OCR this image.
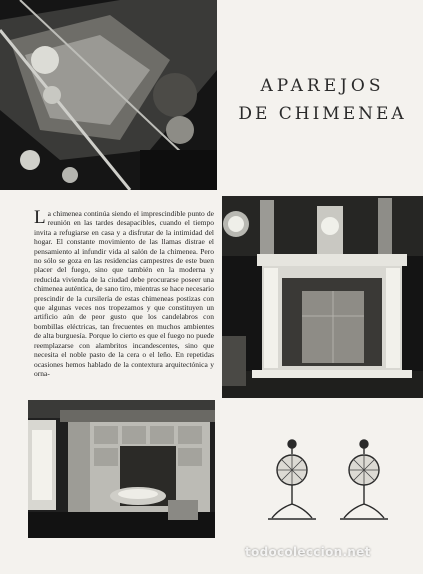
APAREJOS
DE CHIMENEA

La chimenea continúa siendo el imprescindible punto de reunión en las tardes desapacibles, cuando el tiempo invita a refugiarse en casa y a disfrutar de la intimidad del hogar. El constante movimiento de las llamas distrae el pensamiento al infundir vida al salón de la chimenea. Pero no sólo se goza en las residencias campestres de este buen placer del fuego, sino que también en la moderna y reducida vivienda de la ciudad debe procurarse poseer una chimenea auténtica, de sano tiro, mientras se hace necesario prescindir de la cursilería de estas chimeneas postizas con que algunas veces nos tropezamos y que constituyen un artificio aún de peor gusto que los candelabros con bombillas eléctricas, tan frecuentes en muchos ambientes de alta burguesía. Porque lo cierto es que el fuego no puede reemplazarse con alambritos incandescentes, sino que necesita el noble pasto de la cera o el leño. En repetidas ocasiones hemos hablado de la contextura arquitectónica y orna-

todocoleccion.net
